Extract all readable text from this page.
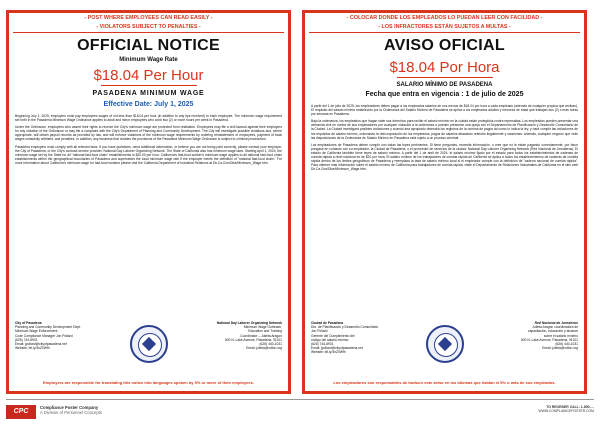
- POST WHERE EMPLOYEES CAN READ EASILY -
- VIOLATORS SUBJECT TO PENALTIES -
OFFICIAL NOTICE
Minimum Wage Rate
$18.04 Per Hour
PASADENA MINIMUM WAGE
Effective Date: July 1, 2025

Beginning July 1, 2025, employers must pay employees wages of not less than $18.04 per hour (in addition to any tips received) to each employee. The minimum wage requirement set forth in the Pasadena Minimum Wage Ordinance applies to adult and minor employees who work two (2) or more hours per week in Pasadena.

Under the Ordinance, employees who assert their rights to receive the City's minimum wage are protected from retaliation. Employees may file a civil lawsuit against their employers for any violation of the Ordinance or may file a complaint with the City's Department of Planning and Community Development. The City will investigate possible violations and, where appropriate, will obtain payroll records as provided by law, and will enforce violations of the minimum wage requirements by ordering reinstatement of employees, payment of back wages unlawfully withheld, and penalties. In addition, any business that violates the provisions of the Pasadena Minimum Wage Ordinance is subject to criminal prosecution.

Pasadena employers must comply with all relevant laws. If you have questions, need additional information, or believe you are not being paid correctly, please contact your employer, the City of Pasadena, or the City's contract service provider: National Day Laborer Organizing Network. The State of California also has minimum wage laws. Starting April 1, 2024, the minimum wage set by the State for all "national fast-food chain" establishments is $20.00 per hour. California's fast-food worker's minimum wage applies to all national fast-food chain establishments within the geographical boundaries of Pasadena and supersedes the local minimum wage rate if the employer meets the definition of "national fast-food chain." For more information about California's minimum wage for fast-food workers please visit the California Department of Industrial Relations at Dir.Ca.Gov/Dlse/Minimum_Wage.htm.

City of Pasadena
Planning and Community Development Dept.
Minimum Wage Enforcement
Code Compliance Manager Jon Pollard
(626) 744-6931
Email: jpollard@cityofpasadena.net
Website: bit.ly/3nZ0Wfh
National Day Laborer Organizing Network
Minimum Wage Outreach,
Education and Training
Coordinator – Julieta Aragon
500 N. Lake Avenue, Pasadena, 91101
(626) 440-1031
Email: julieta@ndlon.org
Employers are responsible for translating this notice into languages spoken by 5% or more of their employees.
- COLOCAR DONDE LOS EMPLEADOS LO PUEDAN LEER CON FACILIDAD -
- LOS INFRACTORES ESTÁN SUJETOS A MULTAS -
AVISO OFICIAL
$18.04 Por Hora
SALARIO MÍNIMO DE PASADENA
Fecha que entra en vigencia : 1 de julio de 2025

A partir del 1 de julio de 2025, los empleadores deben pagar a los empleados salarios de nos menos de $18.04 por hora a cada empleado (además de cualquier propina que reciban). El requisito del salario mínimo establecido por la Ordenanza del Salario Mínimo de Pasadena se aplica a los empleados adultos y menores de edad que trabajan dos (2) o más horas por semana en Pasadena.

Bajo la ordenanza, los empleados que hagan valer sus derechos para recibir el salario mínimo en la ciudad están protegidos contra represalias. Los empleados pueden presentar una demanda civil en contra de sus empleadores por cualquier violación a la ordenanza o pueden presentar una queja con el Departamento de Planificación y Desarrollo Comunitario de la Ciudad. La Ciudad investigará posibles violaciones y cuando sea apropiado obtendrá los registros de la nómina de pagos tal como lo indica la ley, y hará cumplir las violaciones de los requisitos de salario mínimo, ordenando la reincorporación de los empleados, pagos de salarios atrasados retenido ilegalmente y sanciones. Además, cualquier negocio que viole las disposiciones de la Ordenanza de Salario Mínimo en Pasadena está sujeto a un proceso criminal.

Los empleadores de Pasadena deben cumplir con todas las leyes pertinentes. Si tiene preguntas, necesita información, o cree que no le están pagando correctamente, por favor póngase en contacto con su empleador, la Ciudad de Pasadena, o el proveedor de servicios de la ciudad: National Day Laborer Organizing Network (Red Nacional de Jornaleros). El estado de California también tiene leyes de salario mínimo. A partir del 1 de abril de 2024, el salario mínimo fijado por el estado para todos los establecimientos de cadenas de comida rápida a nivel nacional es de $20 por hora. El salario mínimo de los trabajadores de comida rápida de California se aplica a todos los establecimientos de cadenas de comida rápida dentro de los límites geográficos de Pasadena y reemplaza la tasa de salario mínimo local si el empleador cumple con la definición de "cadena nacional de comida rápida". Para obtener más información sobre el salario mínimo de California para trabajadores de comida rápida, visite el Departamento de Relaciones Industriales de California en el sitio web Dir.Ca.Gov/Dlse/Minimum_Wage.htm.

Ciudad de Pasadena
Dto. de Planificación y Desarrollo Comunitario
Jon Pollard
Gerente del Cumplimiento del
código del salario mínimo
(626) 744-6931
Email: jpollard@cityofpasadena.net
Website: bit.ly/3nZ0Wfh
Red Nacional de Jornaleros
Julieta Aragón coordinadora de
capacitación, educación y alcance
sobre el salario mínimo
500 N. Lake Avenue, Pasadena, 91101
(626) 440-1031
Email: julieta@ndlon.org
Los empleadores son responsables de traducir este aviso en los idiomas que hablan el 5% o más de sus empleados.
CPC
Compliance Poster Company
A Division of Personnel Concepts
TO REORDER CALL: 1-800-…
WWW.COMPLIANCEPOSTER.COM
